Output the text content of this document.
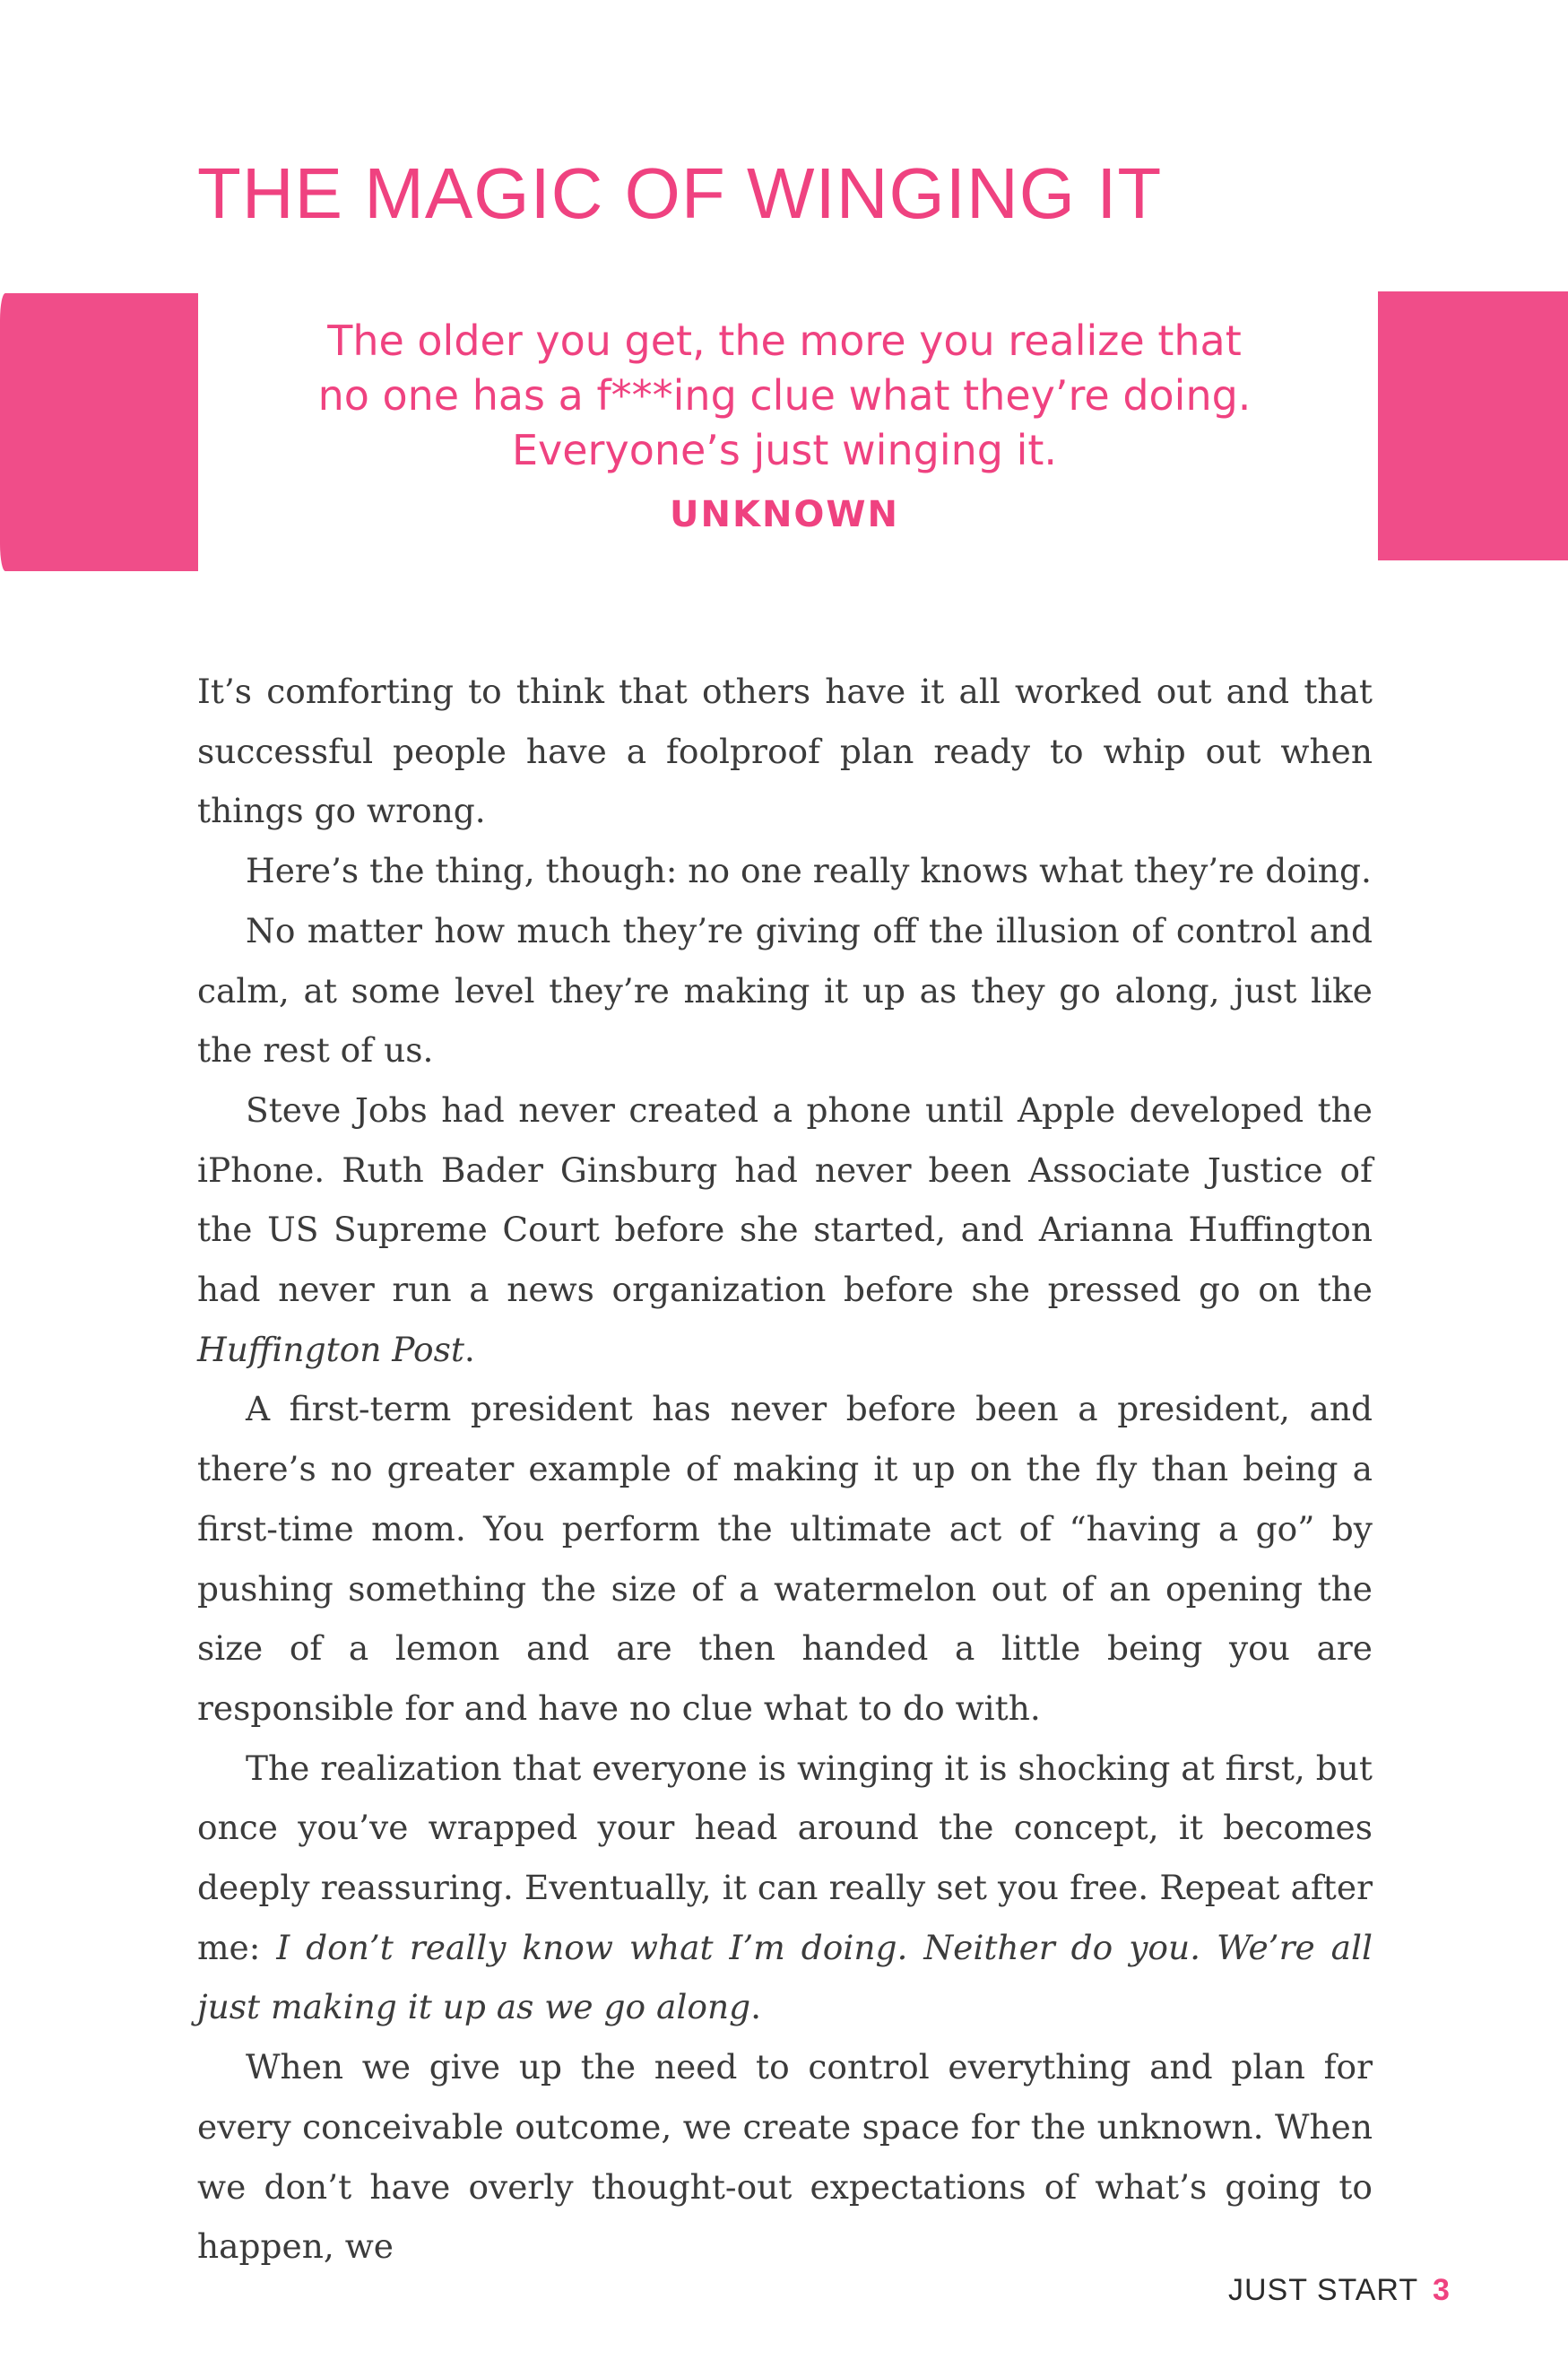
THE MAGIC OF WINGING IT
The older you get, the more you realize that
no one has a f***ing clue what they’re doing.
Everyone’s just winging it.
UNKNOWN

It’s comforting to think that others have it all worked out and that successful people have a foolproof plan ready to whip out when things go wrong.

Here’s the thing, though: no one really knows what they’re doing.

No matter how much they’re giving off the illusion of control and calm, at some level they’re making it up as they go along, just like the rest of us.

Steve Jobs had never created a phone until Apple developed the iPhone. Ruth Bader Ginsburg had never been Associate Justice of the US Supreme Court before she started, and Arianna Huffington had never run a news organization before she pressed go on the Huffington Post.

A first-term president has never before been a president, and there’s no greater example of making it up on the fly than being a first-time mom. You perform the ultimate act of “having a go” by pushing something the size of a watermelon out of an opening the size of a lemon and are then handed a little being you are responsible for and have no clue what to do with.

The realization that everyone is winging it is shocking at first, but once you’ve wrapped your head around the concept, it becomes deeply reassuring. Eventually, it can really set you free. Repeat after me: I don’t really know what I’m doing. Neither do you. We’re all just making it up as we go along.

When we give up the need to control everything and plan for every conceivable outcome, we create space for the unknown. When we don’t have overly thought-out expectations of what’s going to happen, we

JUST START 3
